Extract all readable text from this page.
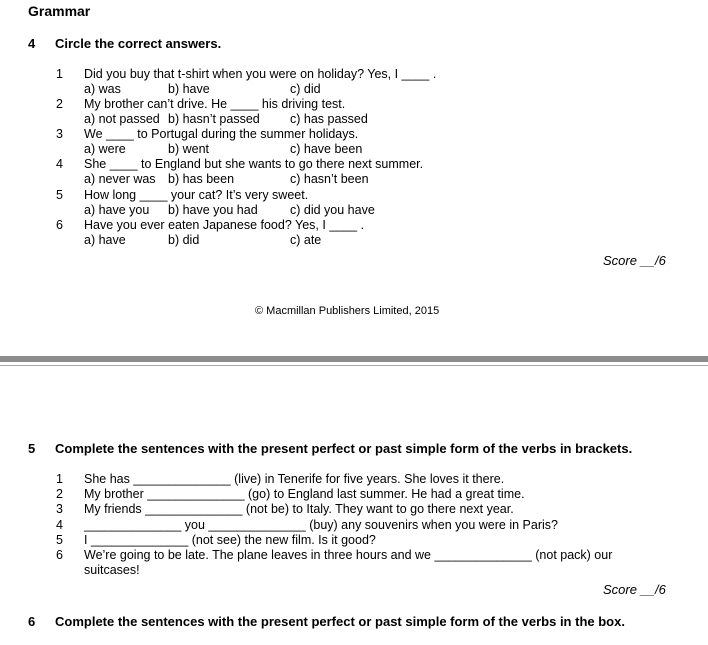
Grammar
4 Circle the correct answers.
1 Did you buy that t-shirt when you were on holiday? Yes, I ____ .
a) was	b) have	c) did
2 My brother can’t drive. He ____ his driving test.
a) not passed b) hasn’t passed c) has passed
3 We ____ to Portugal during the summer holidays.
a) were	b) went	c) have been
4 She ____ to England but she wants to go there next summer.
a) never was b) has been	c) hasn’t been
5 How long ____ your cat? It’s very sweet.
a) have you b) have you had	c) did you have
6 Have you ever eaten Japanese food? Yes, I ____ .
a) have	b) did	c) ate
Score __/6
© Macmillan Publishers Limited, 2015
5 Complete the sentences with the present perfect or past simple form of the verbs in brackets.
1 She has ______________ (live) in Tenerife for five years. She loves it there.
2 My brother ______________ (go) to England last summer. He had a great time.
3 My friends ______________ (not be) to Italy. They want to go there next year.
4 ______________ you ______________ (buy) any souvenirs when you were in Paris?
5 I ______________ (not see) the new film. Is it good?
6 We’re going to be late. The plane leaves in three hours and we ______________ (not pack) our
suitcases!
Score __/6
6 Complete the sentences with the present perfect or past simple form of the verbs in the box.
